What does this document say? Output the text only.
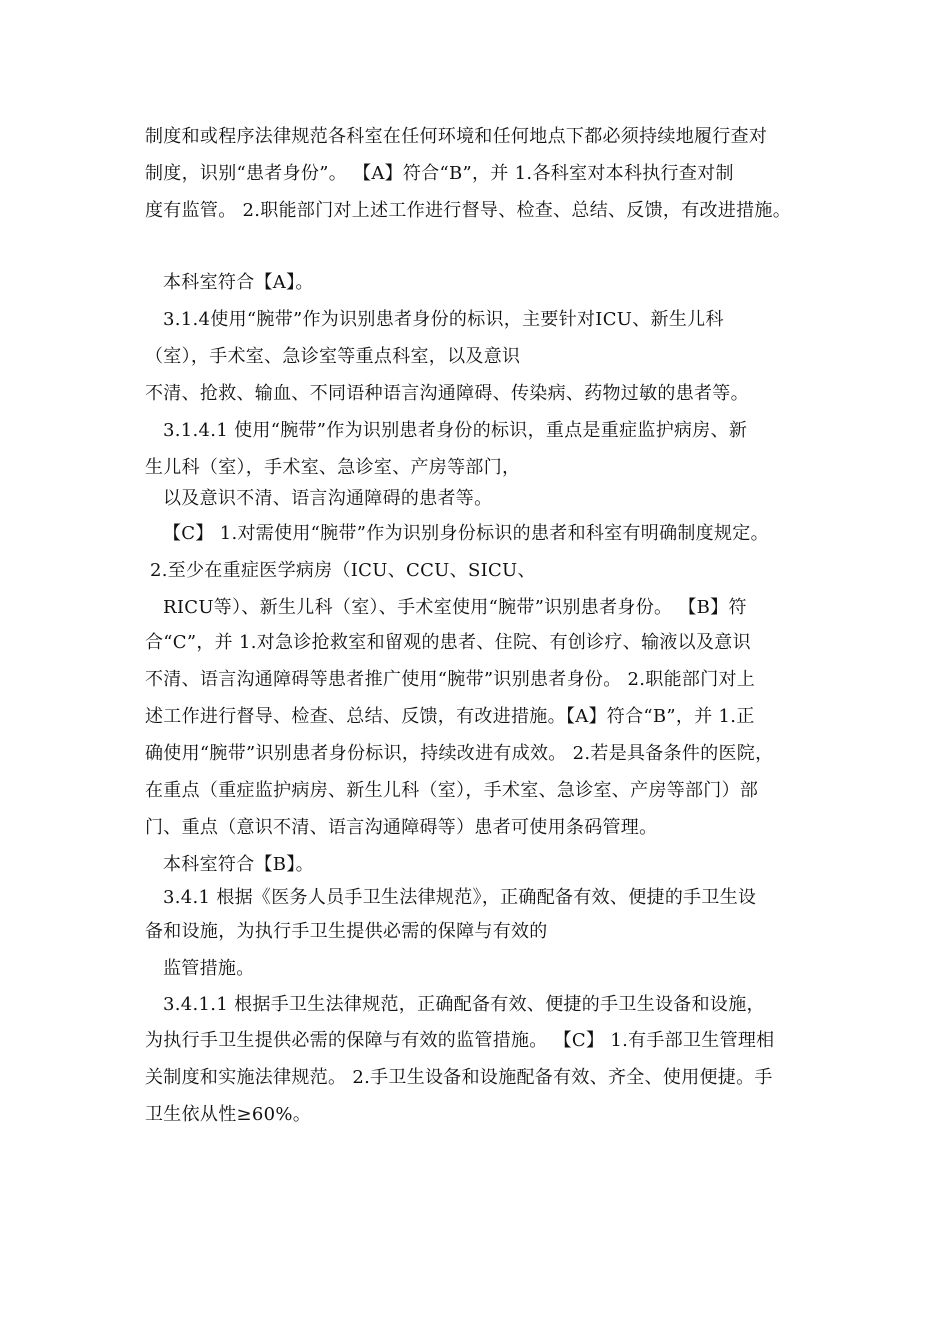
制度和或程序法律规范各科室在任何环境和任何地点下都必须持续地履行查对
制度，识别“患者身份”。 【A】符合“B”，并 1.各科室对本科执行查对制
度有监管。 2.职能部门对上述工作进行督导、检查、总结、反馈，有改进措施。
本科室符合【A】。
3.1.4使用“腕带”作为识别患者身份的标识，主要针对ICU、新生儿科
（室），手术室、急诊室等重点科室，以及意识
不清、抢救、输血、不同语种语言沟通障碍、传染病、药物过敏的患者等。
3.1.4.1 使用“腕带”作为识别患者身份的标识，重点是重症监护病房、新
生儿科（室），手术室、急诊室、产房等部门，
以及意识不清、语言沟通障碍的患者等。
【C】 1.对需使用“腕带”作为识别身份标识的患者和科室有明确制度规定。
2.至少在重症医学病房（ICU、CCU、SICU、
RICU等）、新生儿科（室）、手术室使用“腕带”识别患者身份。 【B】符
合“C”，并 1.对急诊抢救室和留观的患者、住院、有创诊疗、输液以及意识
不清、语言沟通障碍等患者推广使用“腕带”识别患者身份。 2.职能部门对上
述工作进行督导、检查、总结、反馈，有改进措施。【A】符合“B”，并 1.正
确使用“腕带”识别患者身份标识，持续改进有成效。 2.若是具备条件的医院，
在重点（重症监护病房、新生儿科（室），手术室、急诊室、产房等部门）部
门、重点（意识不清、语言沟通障碍等）患者可使用条码管理。
本科室符合【B】。
3.4.1 根据《医务人员手卫生法律规范》，正确配备有效、便捷的手卫生设
备和设施，为执行手卫生提供必需的保障与有效的
监管措施。
3.4.1.1 根据手卫生法律规范，正确配备有效、便捷的手卫生设备和设施，
为执行手卫生提供必需的保障与有效的监管措施。 【C】 1.有手部卫生管理相
关制度和实施法律规范。 2.手卫生设备和设施配备有效、齐全、使用便捷。手
卫生依从性≥60%。
